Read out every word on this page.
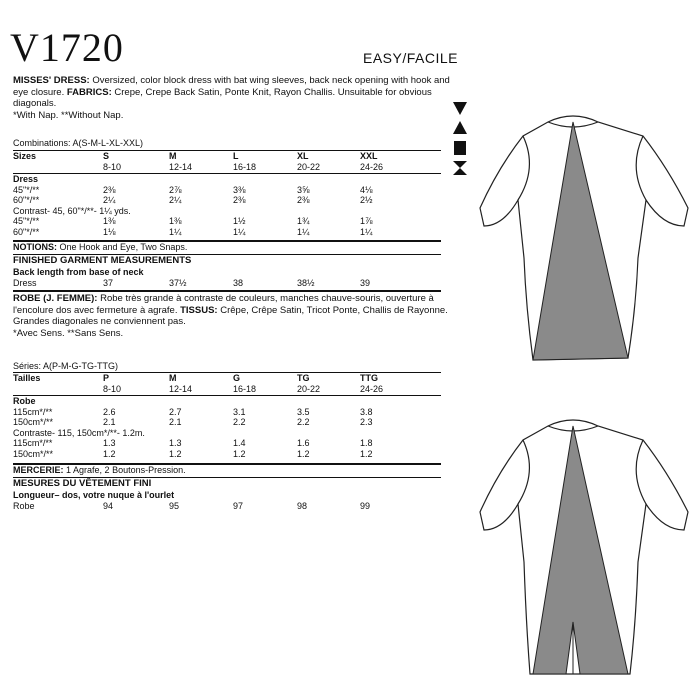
V1720	EASY/FACILE
MISSES' DRESS: Oversized, color block dress with bat wing sleeves, back neck opening with hook and eye closure. FABRICS: Crepe, Crepe Back Satin, Ponte Knit, Rayon Challis. Unsuitable for obvious diagonals.
*With Nap. **Without Nap.
Combinations: A(S-M-L-XL-XXL)
Sizes	S	M	L	XL	XXL
	8-10	12-14	16-18	20-22	24-26
Dress					
45"*/**	2⅜	2⅞	3⅜	3⅝	4⅛
60"*/**	2¼	2¼	2⅜	2⅜	2½
Contrast- 45, 60"*/**- 1¼ yds.					
45"*/**	1⅜	1⅜	1½	1¾	1⅞
60"*/**	1⅛	1¼	1¼	1¼	1¼
NOTIONS: One Hook and Eye, Two Snaps.
FINISHED GARMENT MEASUREMENTS
Back length from base of neck
Dress	37	37½	38	38½	39
ROBE (J. FEMME): Robe très grande à contraste de couleurs, manches chauve-souris, ouverture à l'encolure dos avec fermeture à agrafe. TISSUS: Crêpe, Crêpe Satin, Tricot Ponte, Challis de Rayonne. Grandes diagonales ne conviennent pas.
*Avec Sens. **Sans Sens.
Séries: A(P-M-G-TG-TTG)
Tailles	P	M	G	TG	TTG
	8-10	12-14	16-18	20-22	24-26
Robe					
115cm*/**	2.6	2.7	3.1	3.5	3.8
150cm*/**	2.1	2.1	2.2	2.2	2.3
Contraste- 115, 150cm*/**- 1.2m.					
115cm*/**	1.3	1.3	1.4	1.6	1.8
150cm*/**	1.2	1.2	1.2	1.2	1.2
MERCERIE: 1 Agrafe, 2 Boutons-Pression.
MESURES DU VÊTEMENT FINI
Longueur– dos, votre nuque à l'ourlet
Robe	94	95	97	98	99
